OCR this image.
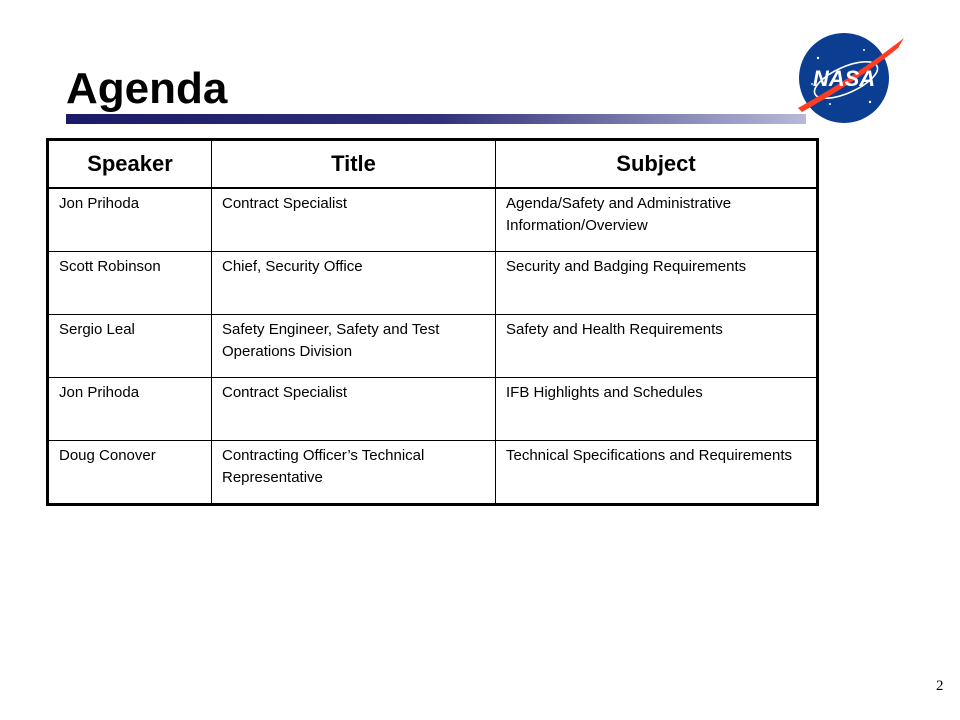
Agenda	NASA
Speaker	Title	Subject
Jon Prihoda	Contract Specialist	Agenda/Safety and Administrative Information/Overview
Scott Robinson	Chief, Security Office	Security and Badging Requirements
Sergio Leal	Safety Engineer, Safety and Test Operations Division	Safety and Health Requirements
Jon Prihoda	Contract Specialist	IFB Highlights and Schedules
Doug Conover	Contracting Officer’s Technical Representative	Technical Specifications and Requirements
2
